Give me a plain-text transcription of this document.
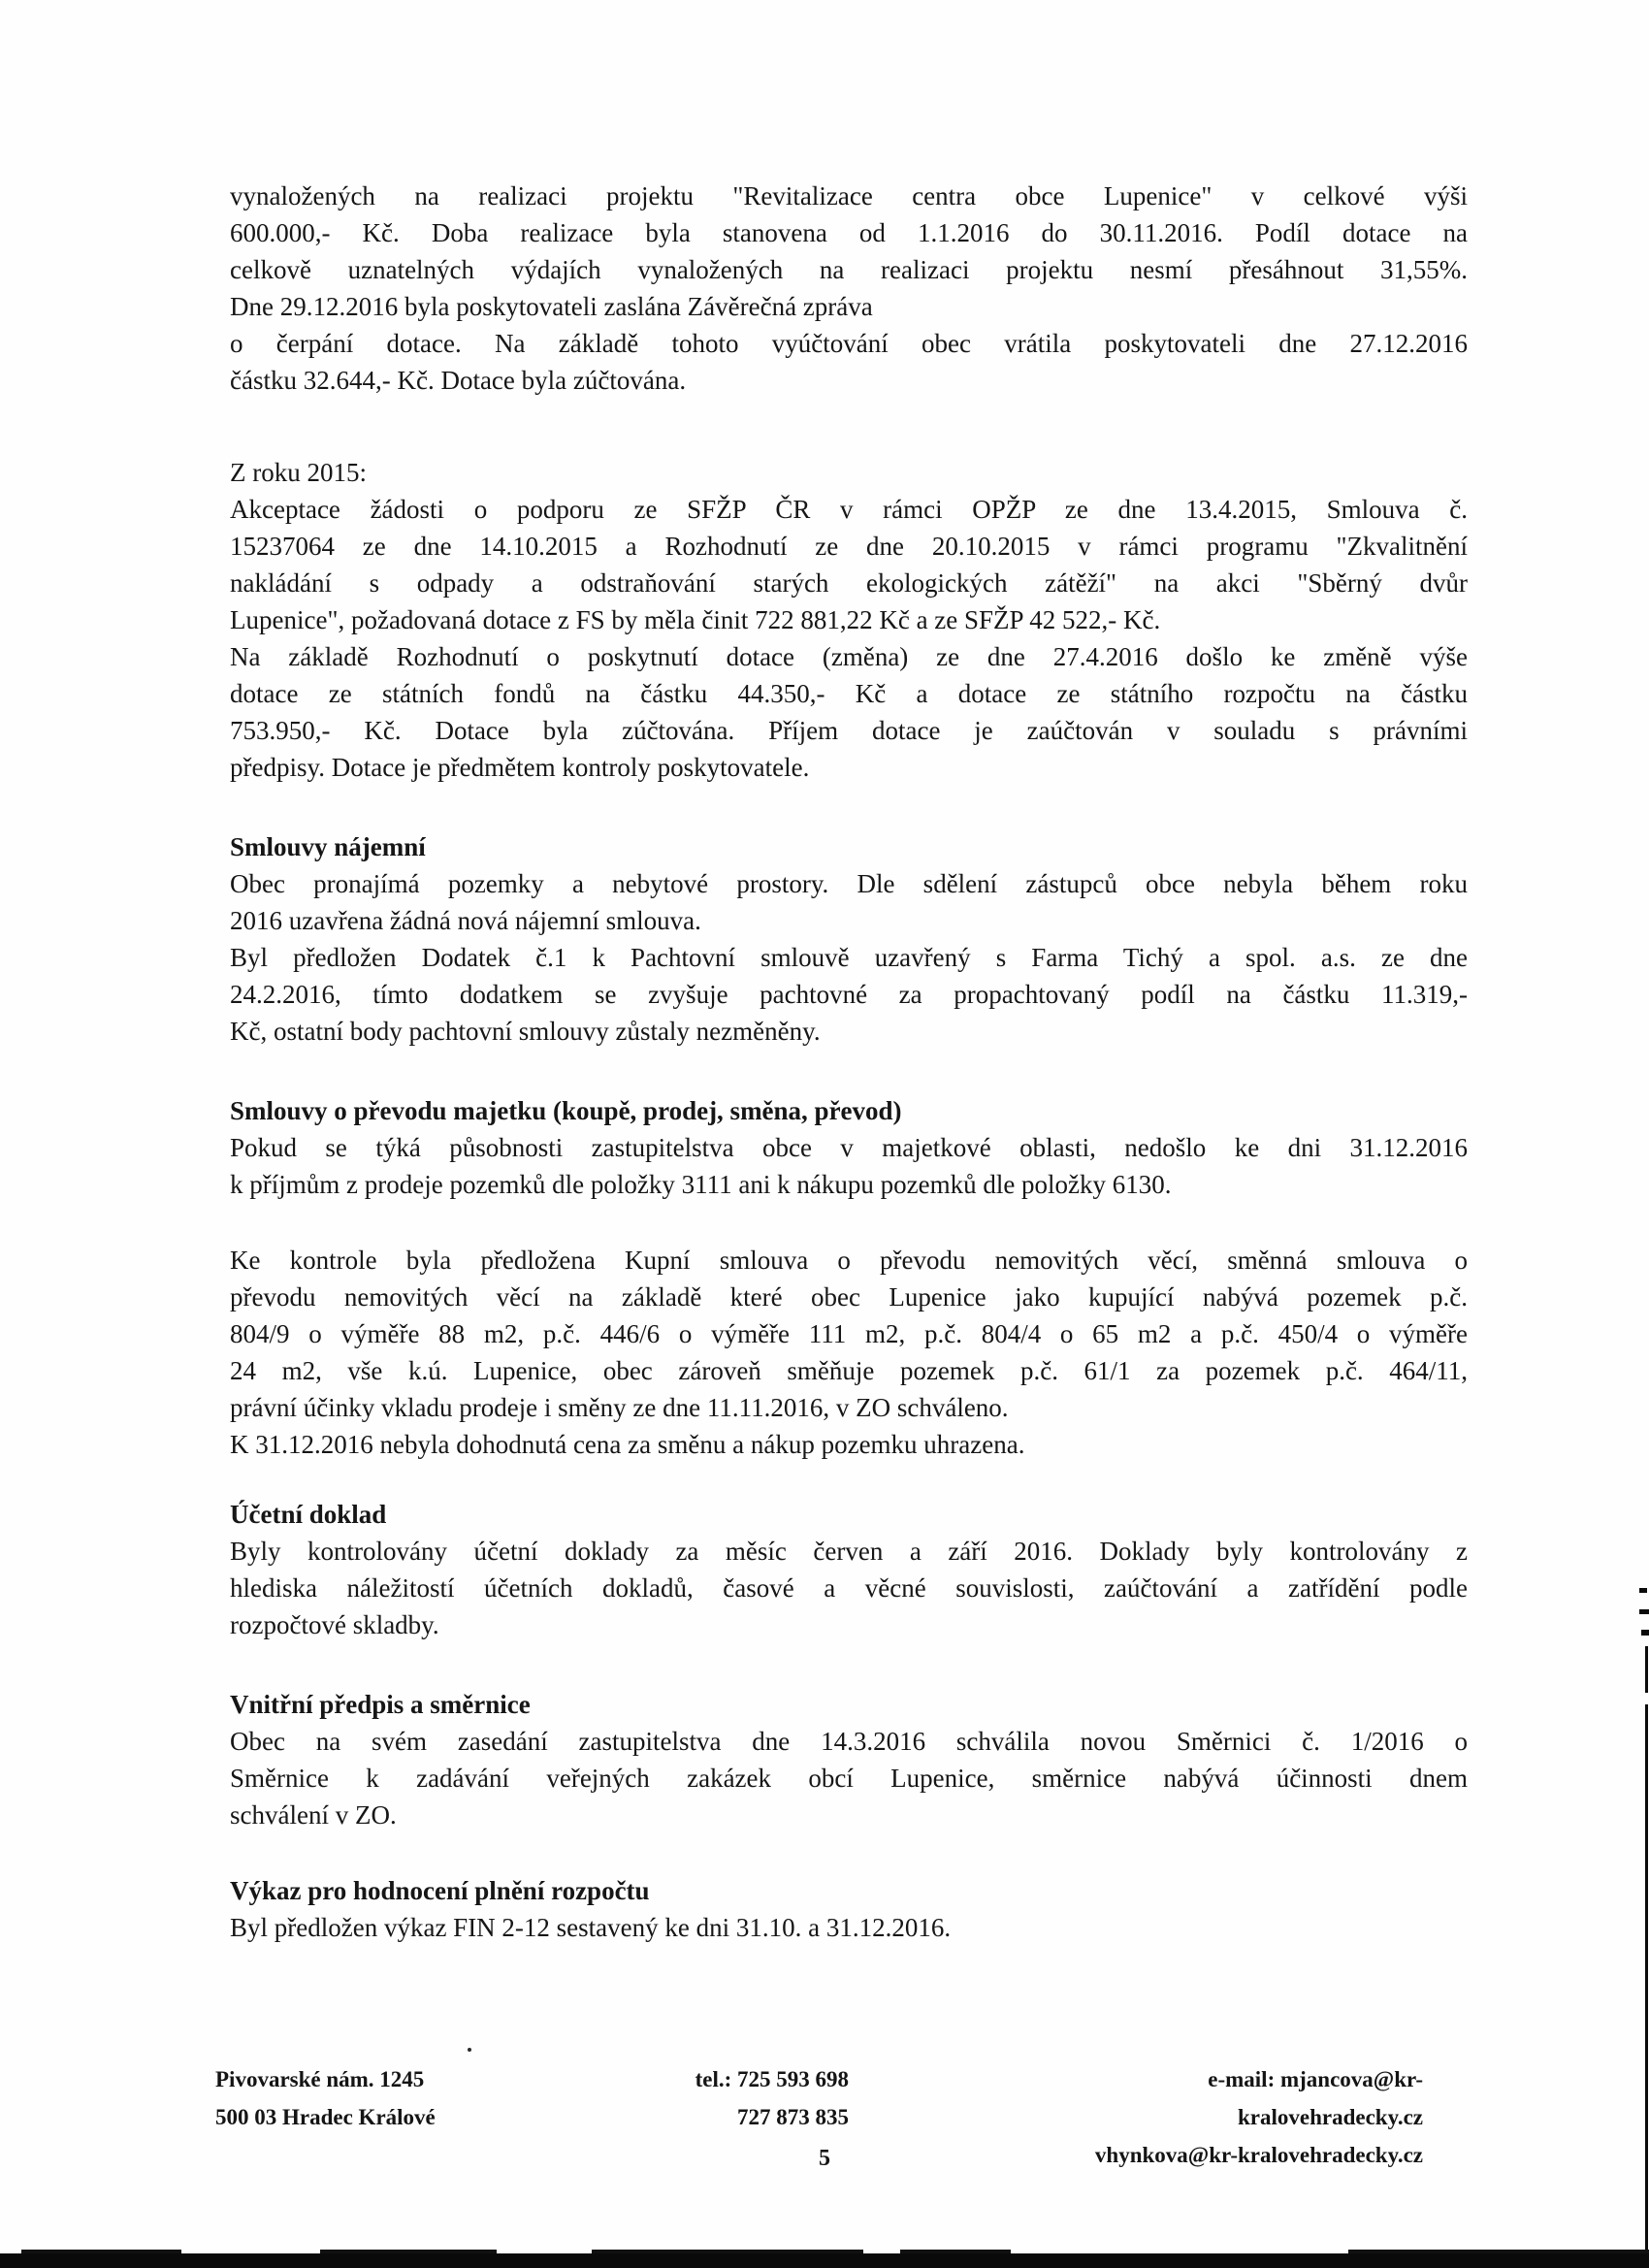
vynaložených na realizaci projektu "Revitalizace centra obce Lupenice" v celkové výši
600.000,- Kč. Doba realizace byla stanovena od 1.1.2016 do 30.11.2016. Podíl dotace na
celkově uznatelných výdajích vynaložených na realizaci projektu nesmí přesáhnout 31,55%.
Dne 29.12.2016 byla poskytovateli zaslána Závěrečná zpráva
o čerpání dotace. Na základě tohoto vyúčtování obec vrátila poskytovateli dne 27.12.2016
částku 32.644,- Kč. Dotace byla zúčtována.
Z roku 2015:
Akceptace žádosti o podporu ze SFŽP ČR v rámci OPŽP ze dne 13.4.2015, Smlouva č.
15237064 ze dne 14.10.2015 a Rozhodnutí ze dne 20.10.2015 v rámci programu "Zkvalitnění
nakládání s odpady a odstraňování starých ekologických zátěží" na akci "Sběrný dvůr
Lupenice", požadovaná dotace z FS by měla činit 722 881,22 Kč a ze SFŽP 42 522,- Kč.
Na základě Rozhodnutí o poskytnutí dotace (změna) ze dne 27.4.2016 došlo ke změně výše
dotace ze státních fondů na částku 44.350,- Kč a dotace ze státního rozpočtu na částku
753.950,- Kč. Dotace byla zúčtována. Příjem dotace je zaúčtován v souladu s právními
předpisy. Dotace je předmětem kontroly poskytovatele.
Smlouvy nájemní
Obec pronajímá pozemky a nebytové prostory. Dle sdělení zástupců obce nebyla během roku
2016 uzavřena žádná nová nájemní smlouva.
Byl předložen Dodatek č.1 k Pachtovní smlouvě uzavřený s Farma Tichý a spol. a.s. ze dne
24.2.2016, tímto dodatkem se zvyšuje pachtovné za propachtovaný podíl na částku 11.319,-
Kč, ostatní body pachtovní smlouvy zůstaly nezměněny.
Smlouvy o převodu majetku (koupě, prodej, směna, převod)
Pokud se týká působnosti zastupitelstva obce v majetkové oblasti, nedošlo ke dni 31.12.2016
k příjmům z prodeje pozemků dle položky 3111 ani k nákupu pozemků dle položky 6130.
Ke kontrole byla předložena Kupní smlouva o převodu nemovitých věcí, směnná smlouva o
převodu nemovitých věcí na základě které obec Lupenice jako kupující nabývá pozemek p.č.
804/9 o výměře 88 m2, p.č. 446/6 o výměře 111 m2, p.č. 804/4 o 65 m2 a p.č. 450/4 o výměře
24 m2, vše k.ú. Lupenice, obec zároveň směňuje pozemek p.č. 61/1 za pozemek p.č. 464/11,
právní účinky vkladu prodeje i směny ze dne 11.11.2016, v ZO schváleno.
K 31.12.2016 nebyla dohodnutá cena za směnu a nákup pozemku uhrazena.
Účetní doklad
Byly kontrolovány účetní doklady za měsíc červen a září 2016. Doklady byly kontrolovány z
hlediska náležitostí účetních dokladů, časové a věcné souvislosti, zaúčtování a zatřídění podle
rozpočtové skladby.
Vnitřní předpis a směrnice
Obec na svém zasedání zastupitelstva dne 14.3.2016 schválila novou Směrnici č. 1/2016 o
Směrnice k zadávání veřejných zakázek obcí Lupenice, směrnice nabývá účinnosti dnem
schválení v ZO.
Výkaz pro hodnocení plnění rozpočtu
Byl předložen výkaz FIN 2-12 sestavený ke dni 31.10. a 31.12.2016.
Pivovarské nám. 1245
500 03 Hradec Králové
tel.: 725 593 698
727 873 835
e-mail: mjancova@kr-kralovehradecky.cz
vhynkova@kr-kralovehradecky.cz
5
